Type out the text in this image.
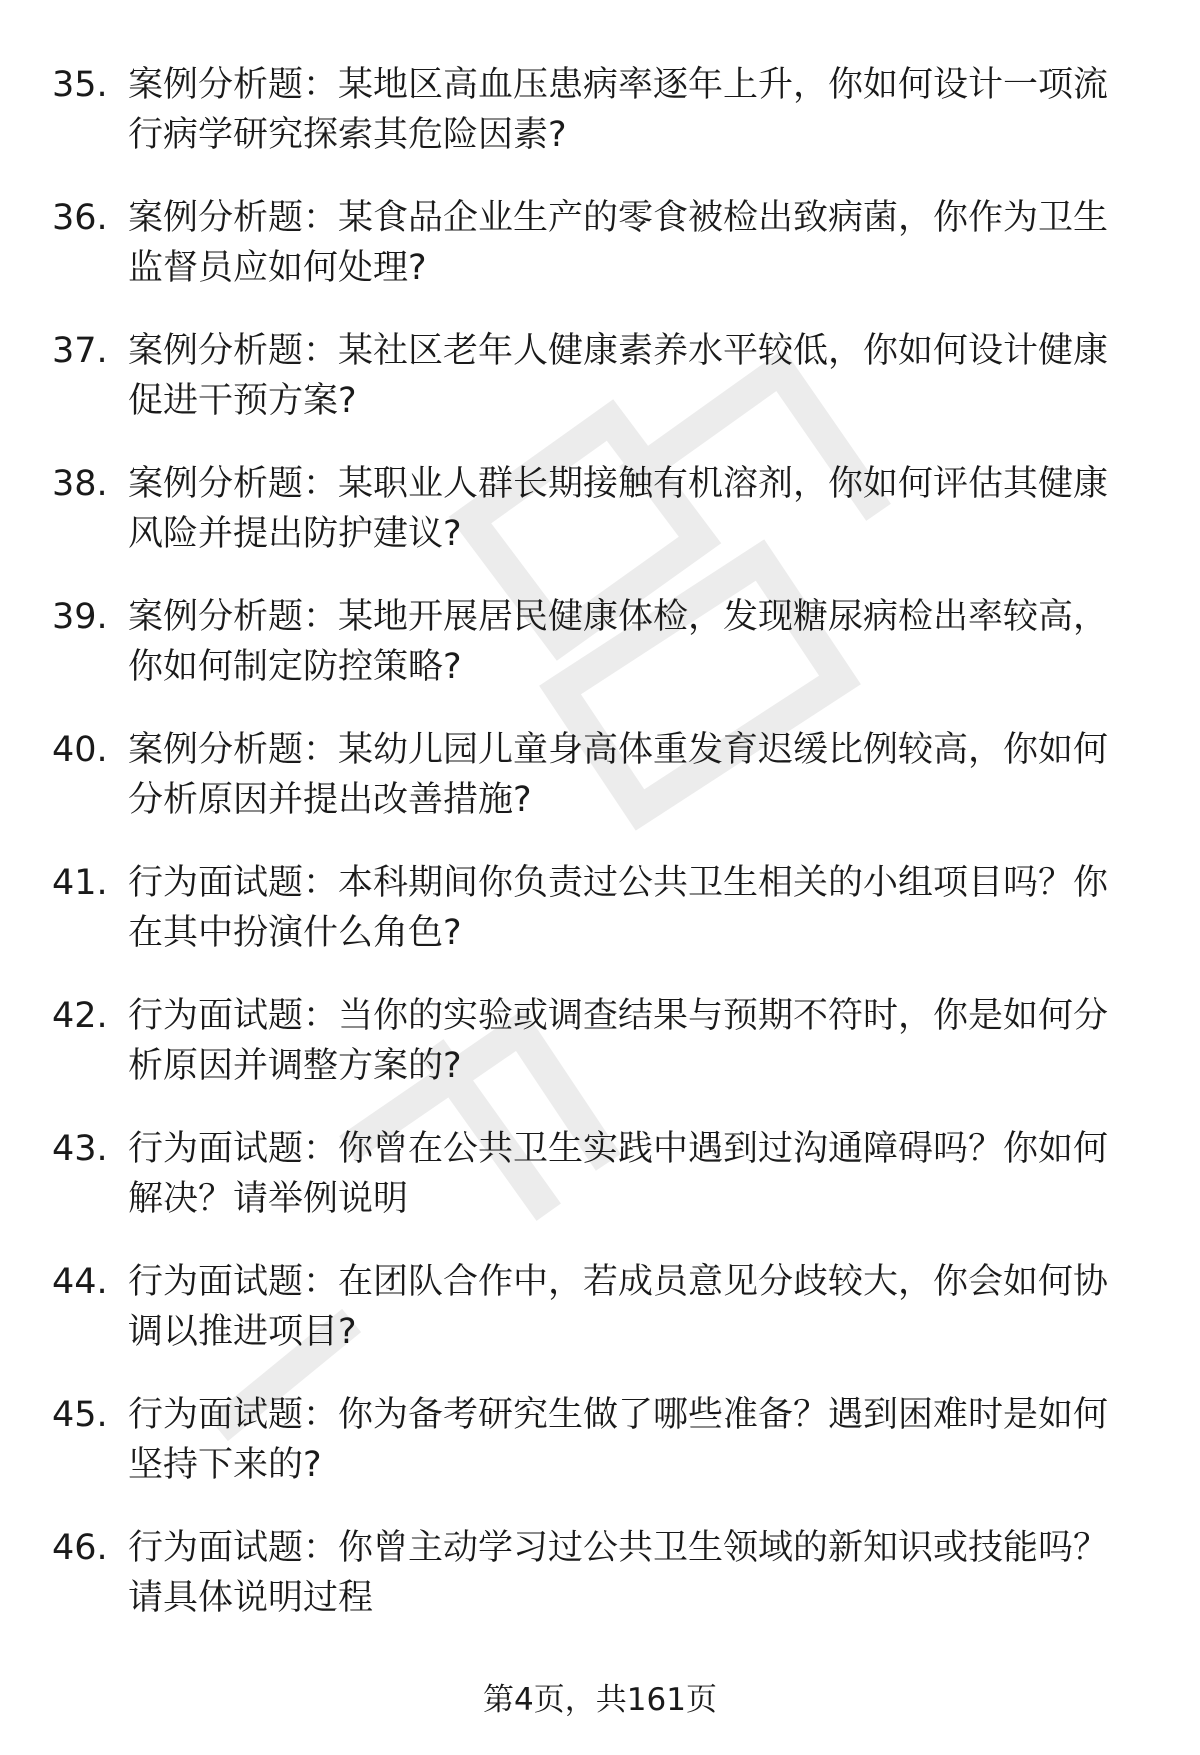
35. 案例分析题：某地区高血压患病率逐年上升，你如何设计一项流行病学研究探索其危险因素?
36. 案例分析题：某食品企业生产的零食被检出致病菌，你作为卫生监督员应如何处理?
37. 案例分析题：某社区老年人健康素养水平较低，你如何设计健康促进干预方案?
38. 案例分析题：某职业人群长期接触有机溶剂，你如何评估其健康风险并提出防护建议?
39. 案例分析题：某地开展居民健康体检，发现糖尿病检出率较高，你如何制定防控策略?
40. 案例分析题：某幼儿园儿童身高体重发育迟缓比例较高，你如何分析原因并提出改善措施?
41. 行为面试题：本科期间你负责过公共卫生相关的小组项目吗？你在其中扮演什么角色?
42. 行为面试题：当你的实验或调查结果与预期不符时，你是如何分析原因并调整方案的?
43. 行为面试题：你曾在公共卫生实践中遇到过沟通障碍吗？你如何解决？请举例说明
44. 行为面试题：在团队合作中，若成员意见分歧较大，你会如何协调以推进项目?
45. 行为面试题：你为备考研究生做了哪些准备？遇到困难时是如何坚持下来的?
46. 行为面试题：你曾主动学习过公共卫生领域的新知识或技能吗？请具体说明过程
第4页，共161页
